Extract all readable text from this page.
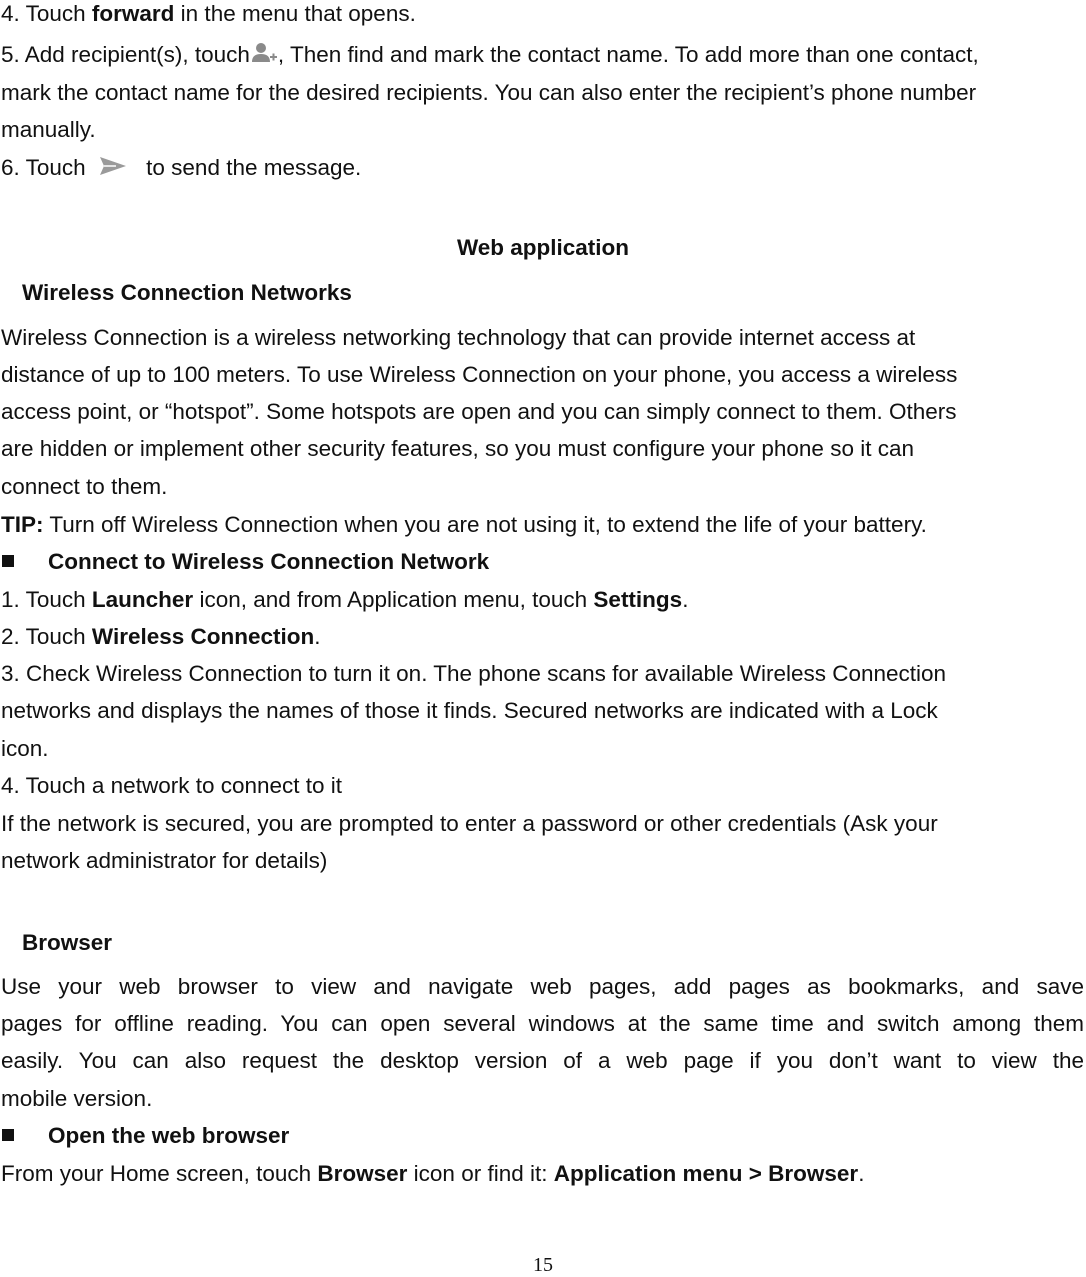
4. Touch forward in the menu that opens.
5. Add recipient(s), touch , Then find and mark the contact name. To add more than one contact,
mark the contact name for the desired recipients. You can also enter the recipient’s phone number
manually.
6. Touch  to send the message.
Web application
Wireless Connection Networks
Wireless Connection is a wireless networking technology that can provide internet access at
distance of up to 100 meters. To use Wireless Connection on your phone, you access a wireless
access point, or “hotspot”. Some hotspots are open and you can simply connect to them. Others
are hidden or implement other security features, so you must configure your phone so it can
connect to them.
TIP: Turn off Wireless Connection when you are not using it, to extend the life of your battery.
Connect to Wireless Connection Network
1. Touch Launcher icon, and from Application menu, touch Settings.
2. Touch Wireless Connection.
3. Check Wireless Connection to turn it on. The phone scans for available Wireless Connection
networks and displays the names of those it finds. Secured networks are indicated with a Lock
icon.
4. Touch a network to connect to it
If the network is secured, you are prompted to enter a password or other credentials (Ask your
network administrator for details)
Browser
Use your web browser to view and navigate web pages, add pages as bookmarks, and save
pages for offline reading. You can open several windows at the same time and switch among them
easily. You can also request the desktop version of a web page if you don’t want to view the
mobile version.
Open the web browser
From your Home screen, touch Browser icon or find it: Application menu > Browser.
15
